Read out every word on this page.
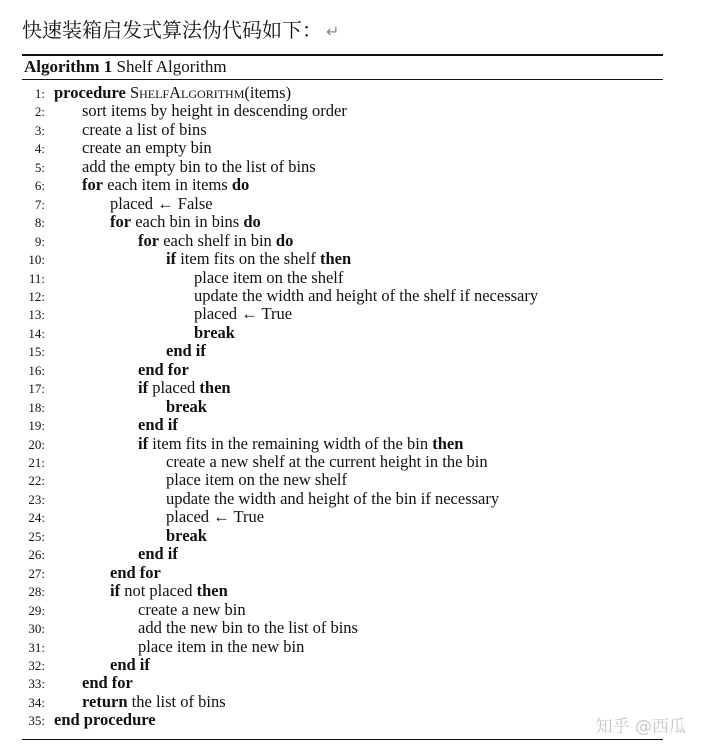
快速装箱启发式算法伪代码如下： ↵
Algorithm 1 Shelf Algorithm
1: procedure ShelfAlgorithm(items)
2: sort items by height in descending order
3: create a list of bins
4: create an empty bin
5: add the empty bin to the list of bins
6: for each item in items do
7:	placed ← False
8:	for each bin in bins do
9:	for each shelf in bin do
10:	if item fits on the shelf then
11:	place item on the shelf
12:	update the width and height of the shelf if necessary
13:	placed ← True
14:	break
15:	end if
16:	end for
17:	if placed then
18:	break
19:	end if
20:	if item fits in the remaining width of the bin then
21:	create a new shelf at the current height in the bin
22:	place item on the new shelf
23:	update the width and height of the bin if necessary
24:	placed ← True
25:	break
26:	end if
27:	end for
28:	if not placed then
29:	create a new bin
30:	add the new bin to the list of bins
31:	place item in the new bin
32:	end if
33: end for
34: return the list of bins
35: end procedure	知乎 @西瓜
